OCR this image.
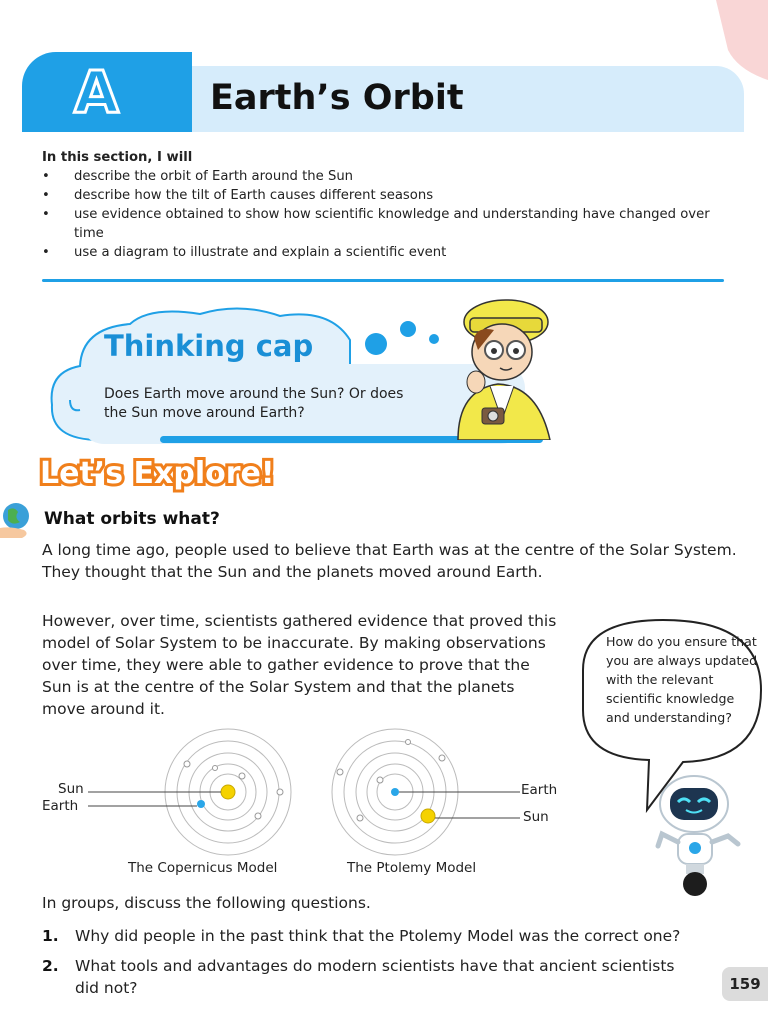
A	Earth’s Orbit
In this section, I will
• describe the orbit of Earth around the Sun
• describe how the tilt of Earth causes different seasons
• use evidence obtained to show how scientific knowledge and understanding have changed over time
• use a diagram to illustrate and explain a scientific event
Thinking cap
Does Earth move around the Sun? Or does the Sun move around Earth?
Let’s Explore!
What orbits what?
A long time ago, people used to believe that Earth was at the centre of the Solar System. They thought that the Sun and the planets moved around Earth.
However, over time, scientists gathered evidence that proved this model of Solar System to be inaccurate. By making observations over time, they were able to gather evidence to prove that the Sun is at the centre of the Solar System and that the planets move around it.
How do you ensure that you are always updated with the relevant scientific knowledge and understanding?
Sun
Earth
Earth
Sun
The Copernicus Model	The Ptolemy Model
In groups, discuss the following questions.
1. Why did people in the past think that the Ptolemy Model was the correct one?
2. What tools and advantages do modern scientists have that ancient scientists did not?	159
